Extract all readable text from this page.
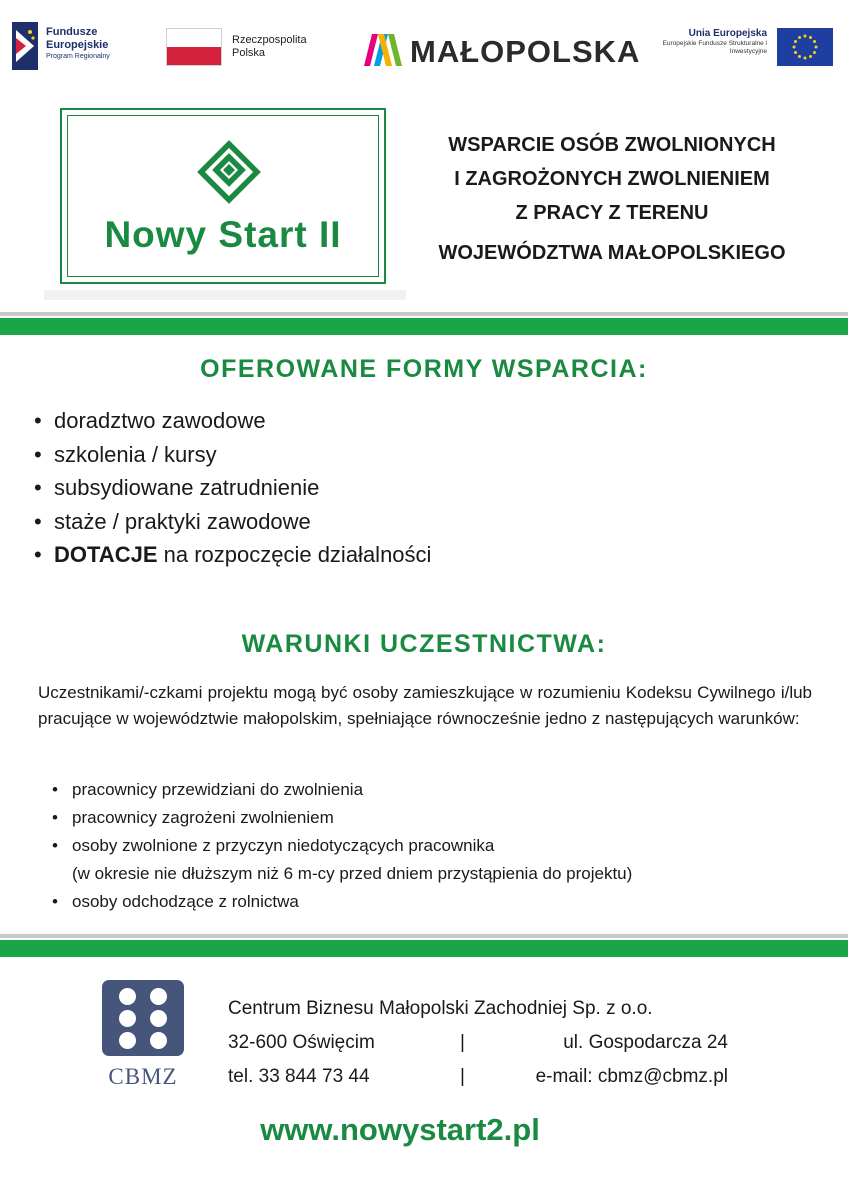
Fundusze Europejskie
Program Regionalny
Rzeczpospolita Polska	MAŁOPOLSKA
Unia Europejska
Europejskie Fundusze Strukturalne i Inwestycyjne
Nowy Start II
WSPARCIE OSÓB ZWOLNIONYCH
I ZAGROŻONYCH ZWOLNIENIEM
Z PRACY Z TERENU
WOJEWÓDZTWA MAŁOPOLSKIEGO
OFEROWANE FORMY WSPARCIA:
• doradztwo zawodowe
• szkolenia / kursy
• subsydiowane zatrudnienie
• staże / praktyki zawodowe
• DOTACJE na rozpoczęcie działalności
WARUNKI UCZESTNICTWA:

Uczestnikami/-czkami projektu mogą być osoby zamieszkujące w rozumieniu Kodeksu Cywilnego i/lub pracujące w województwie małopolskim, spełniające równocześnie jedno z następujących warunków:

• pracownicy przewidziani do zwolnienia
• pracownicy zagrożeni zwolnieniem
• osoby zwolnione z przyczyn niedotyczących pracownika
(w okresie nie dłuższym niż 6 m-cy przed dniem przystąpienia do projektu)
• osoby odchodzące z rolnictwa
CBMZ
Centrum Biznesu Małopolski Zachodniej Sp. z o.o.
32-600 Oświęcim	|	ul. Gospodarcza 24
tel. 33 844 73 44	|	e-mail: cbmz@cbmz.pl
www.nowystart2.pl
